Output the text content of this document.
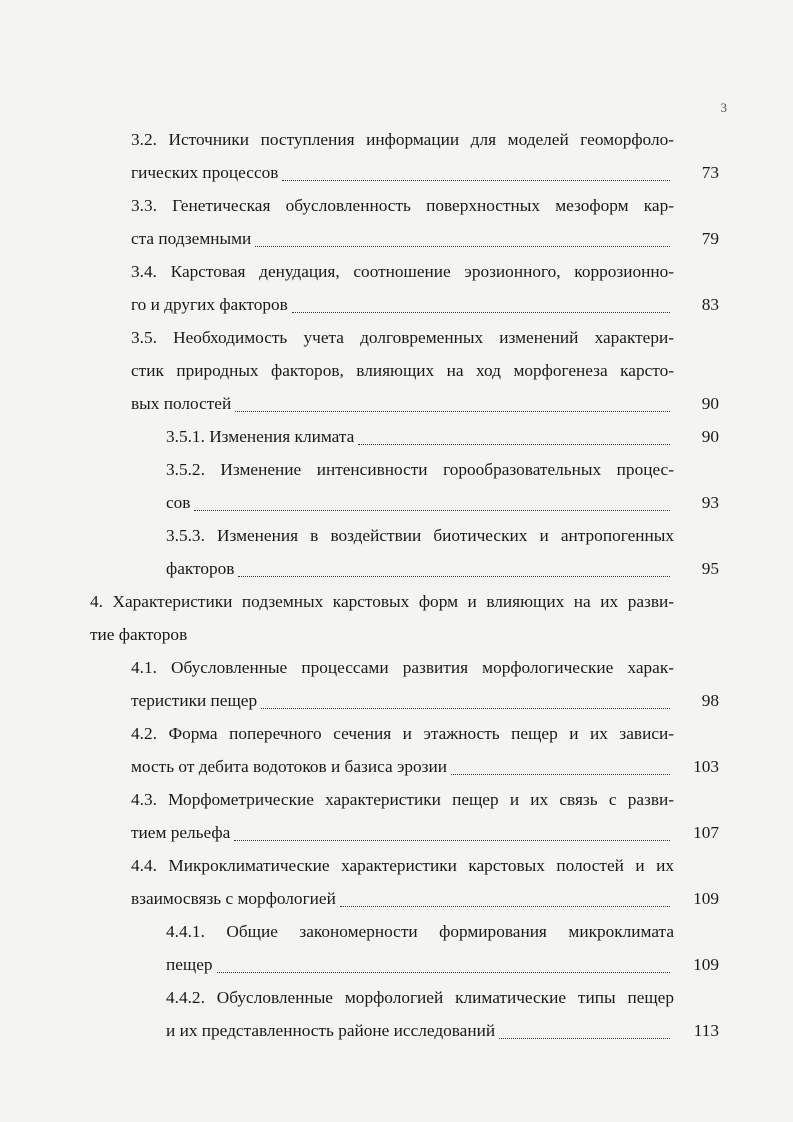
3
3.2. Источники поступления информации для моделей геоморфоло-
гических процессов	73
3.3. Генетическая обусловленность поверхностных мезоформ кар-
ста подземными	79
3.4. Карстовая денудация, соотношение эрозионного, коррозионно-
го и других факторов	83
3.5. Необходимость учета долговременных изменений характери-
стик природных факторов, влияющих на ход морфогенеза карсто-
вых полостей	90
3.5.1. Изменения климата	90
3.5.2. Изменение интенсивности горообразовательных процес-
сов	93
3.5.3. Изменения в воздействии биотических и антропогенных
факторов	95
4. Характеристики подземных карстовых форм и влияющих на их разви-
тие факторов
4.1. Обусловленные процессами развития морфологические харак-
теристики пещер	98
4.2. Форма поперечного сечения и этажность пещер и их зависи-
мость от дебита водотоков и базиса эрозии	103
4.3. Морфометрические характеристики пещер и их связь с разви-
тием рельефа	107
4.4. Микроклиматические характеристики карстовых полостей и их
взаимосвязь с морфологией	109
4.4.1. Общие закономерности формирования микроклимата
пещер	109
4.4.2. Обусловленные морфологией климатические типы пещер
и их представленность районе исследований	113
